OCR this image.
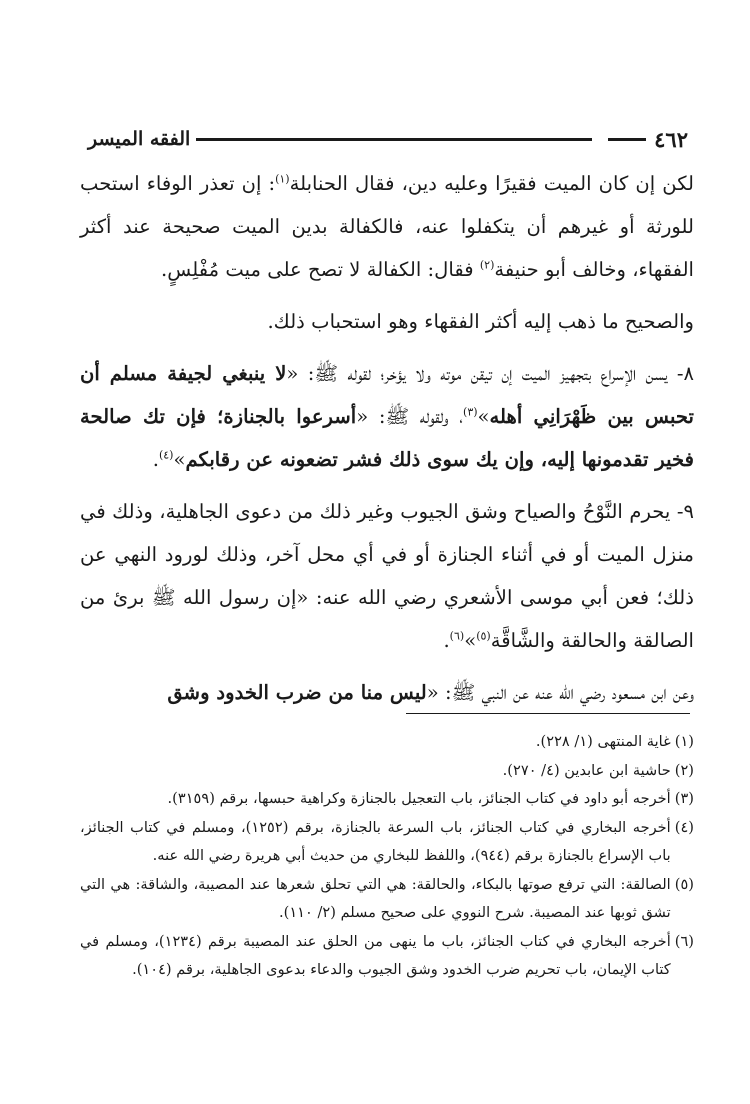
٤٦٢
الفقه الميسر

لكن إن كان الميت فقيرًا وعليه دين، فقال الحنابلة$^{(١)}$: إن تعذر الوفاء استحب للورثة أو غيرهم أن يتكفلوا عنه، فالكفالة بدين الميت صحيحة عند أكثر الفقهاء، وخالف أبو حنيفة$^{(٢)}$ فقال: الكفالة لا تصح على ميت مُفْلِسٍ.

والصحيح ما ذهب إليه أكثر الفقهاء وهو استحباب ذلك.

٨- يسن الإسراع بتجهيز الميت إن تيقن موته ولا يؤخر؛ لقوله ﷺ: «لا ينبغي لجيفة مسلم أن تحبس بين ظَهْرَانِي أهله»$^{(٣)}$، ولقوله ﷺ: «أسرعوا بالجنازة؛ فإن تك صالحة فخير تقدمونها إليه، وإن يك سوى ذلك فشر تضعونه عن رقابكم»$^{(٤)}$.

٩- يحرم النَّوْحُ والصياح وشق الجيوب وغير ذلك من دعوى الجاهلية، وذلك في منزل الميت أو في أثناء الجنازة أو في أي محل آخر، وذلك لورود النهي عن ذلك؛ فعن أبي موسى الأشعري رضي الله عنه: «إن رسول الله ﷺ برئ من الصالقة والحالقة والشَّاقَّة$^{(٥)}$»$^{(٦)}$.

وعن ابن مسعود رضي الله عنه عن النبي ﷺ: «ليس منا من ضرب الخدود وشق

(١)
غاية المنتهى (١/ ٢٢٨).
(٢)
حاشية ابن عابدين (٤/ ٢٧٠).
(٣)
أخرجه أبو داود في كتاب الجنائز، باب التعجيل بالجنازة وكراهية حبسها، برقم (٣١٥٩).
(٤)
أخرجه البخاري في كتاب الجنائز، باب السرعة بالجنازة، برقم (١٢٥٢)، ومسلم في كتاب الجنائز، باب الإسراع بالجنازة برقم (٩٤٤)، واللفظ للبخاري من حديث أبي هريرة رضي الله عنه.
(٥)
الصالقة: التي ترفع صوتها بالبكاء، والحالقة: هي التي تحلق شعرها عند المصيبة، والشاقة: هي التي تشق ثوبها عند المصيبة. شرح النووي على صحيح مسلم (٢/ ١١٠).
(٦)
أخرجه البخاري في كتاب الجنائز، باب ما ينهى من الحلق عند المصيبة برقم (١٢٣٤)، ومسلم في كتاب الإيمان، باب تحريم ضرب الخدود وشق الجيوب والدعاء بدعوى الجاهلية، برقم (١٠٤).
